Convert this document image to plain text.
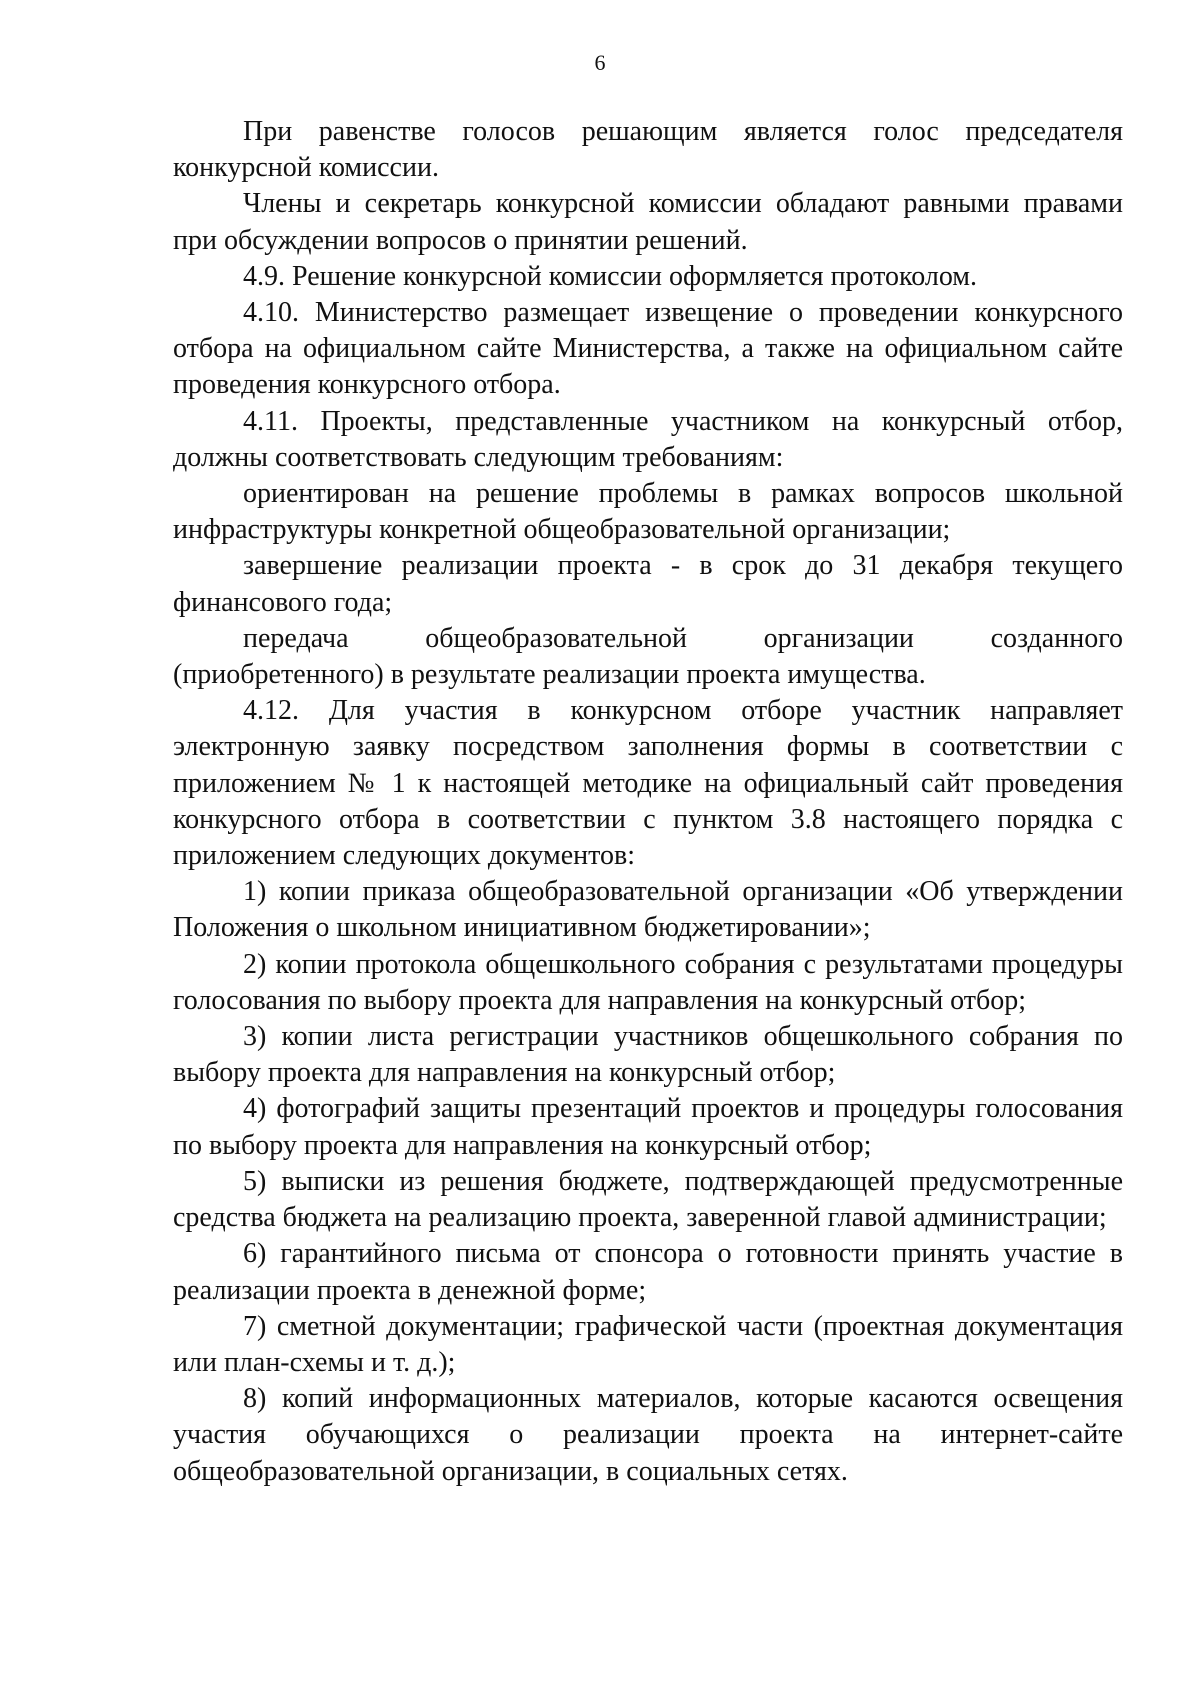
6

При равенстве голосов решающим является голос председателя конкурсной комиссии.

Члены и секретарь конкурсной комиссии обладают равными правами при обсуждении вопросов о принятии решений.

4.9. Решение конкурсной комиссии оформляется протоколом.

4.10. Министерство размещает извещение о проведении конкурсного отбора на официальном сайте Министерства, а также на официальном сайте проведения конкурсного отбора.

4.11. Проекты, представленные участником на конкурсный отбор, должны соответствовать следующим требованиям:

ориентирован на решение проблемы в рамках вопросов школьной инфраструктуры конкретной общеобразовательной организации;

завершение реализации проекта - в срок до 31 декабря текущего финансового года;

передача общеобразовательной организации созданного (приобретенного) в результате реализации проекта имущества.

4.12. Для участия в конкурсном отборе участник направляет электронную заявку посредством заполнения формы в соответствии с приложением № 1 к настоящей методике на официальный сайт проведения конкурсного отбора в соответствии с пунктом 3.8 настоящего порядка с приложением следующих документов:

1) копии приказа общеобразовательной организации «Об утверждении Положения о школьном инициативном бюджетировании»;

2) копии протокола общешкольного собрания с результатами процедуры голосования по выбору проекта для направления на конкурсный отбор;

3) копии листа регистрации участников общешкольного собрания по выбору проекта для направления на конкурсный отбор;

4) фотографий защиты презентаций проектов и процедуры голосования по выбору проекта для направления на конкурсный отбор;

5) выписки из решения бюджете, подтверждающей предусмотренные средства бюджета на реализацию проекта, заверенной главой администрации;

6) гарантийного письма от спонсора о готовности принять участие в реализации проекта в денежной форме;

7) сметной документации; графической части (проектная документация или план-схемы и т. д.);

8) копий информационных материалов, которые касаются освещения участия обучающихся о реализации проекта на интернет-сайте общеобразовательной организации, в социальных сетях.
